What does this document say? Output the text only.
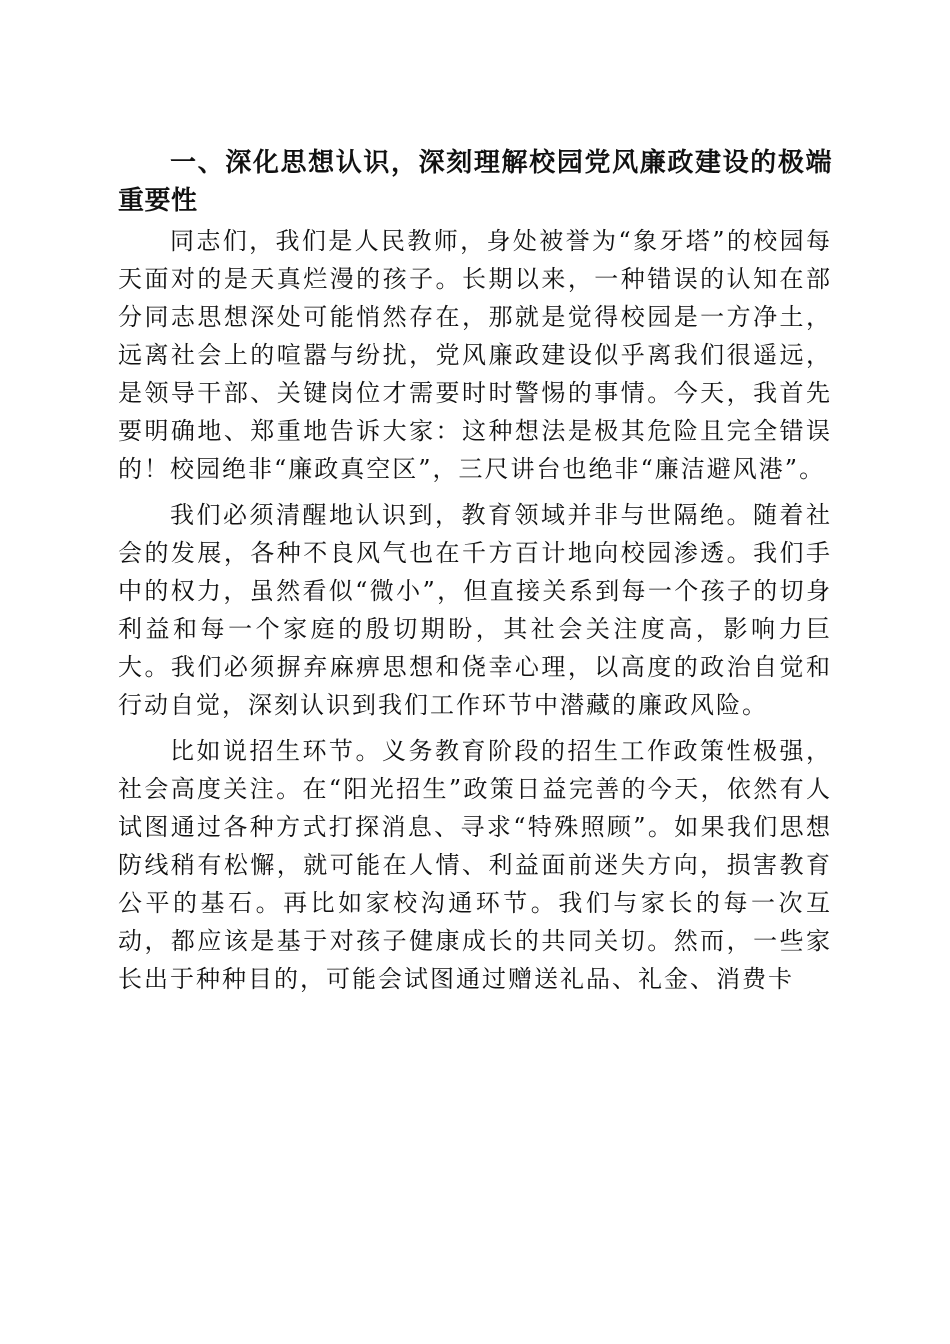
一、深化思想认识，深刻理解校园党风廉政建设的极端重要性

同志们，我们是人民教师，身处被誉为“象牙塔”的校园每天面对的是天真烂漫的孩子。长期以来，一种错误的认知在部分同志思想深处可能悄然存在，那就是觉得校园是一方净土，远离社会上的喧嚣与纷扰，党风廉政建设似乎离我们很遥远，是领导干部、关键岗位才需要时时警惕的事情。今天，我首先要明确地、郑重地告诉大家：这种想法是极其危险且完全错误的！校园绝非“廉政真空区”，三尺讲台也绝非“廉洁避风港”。

我们必须清醒地认识到，教育领域并非与世隔绝。随着社会的发展，各种不良风气也在千方百计地向校园渗透。我们手中的权力，虽然看似“微小”，但直接关系到每一个孩子的切身利益和每一个家庭的殷切期盼，其社会关注度高，影响力巨大。我们必须摒弃麻痹思想和侥幸心理，以高度的政治自觉和行动自觉，深刻认识到我们工作环节中潜藏的廉政风险。

比如说招生环节。义务教育阶段的招生工作政策性极强，社会高度关注。在“阳光招生”政策日益完善的今天，依然有人试图通过各种方式打探消息、寻求“特殊照顾”。如果我们思想防线稍有松懈，就可能在人情、利益面前迷失方向，损害教育公平的基石。再比如家校沟通环节。我们与家长的每一次互动，都应该是基于对孩子健康成长的共同关切。然而，一些家长出于种种目的，可能会试图通过赠送礼品、礼金、消费卡
